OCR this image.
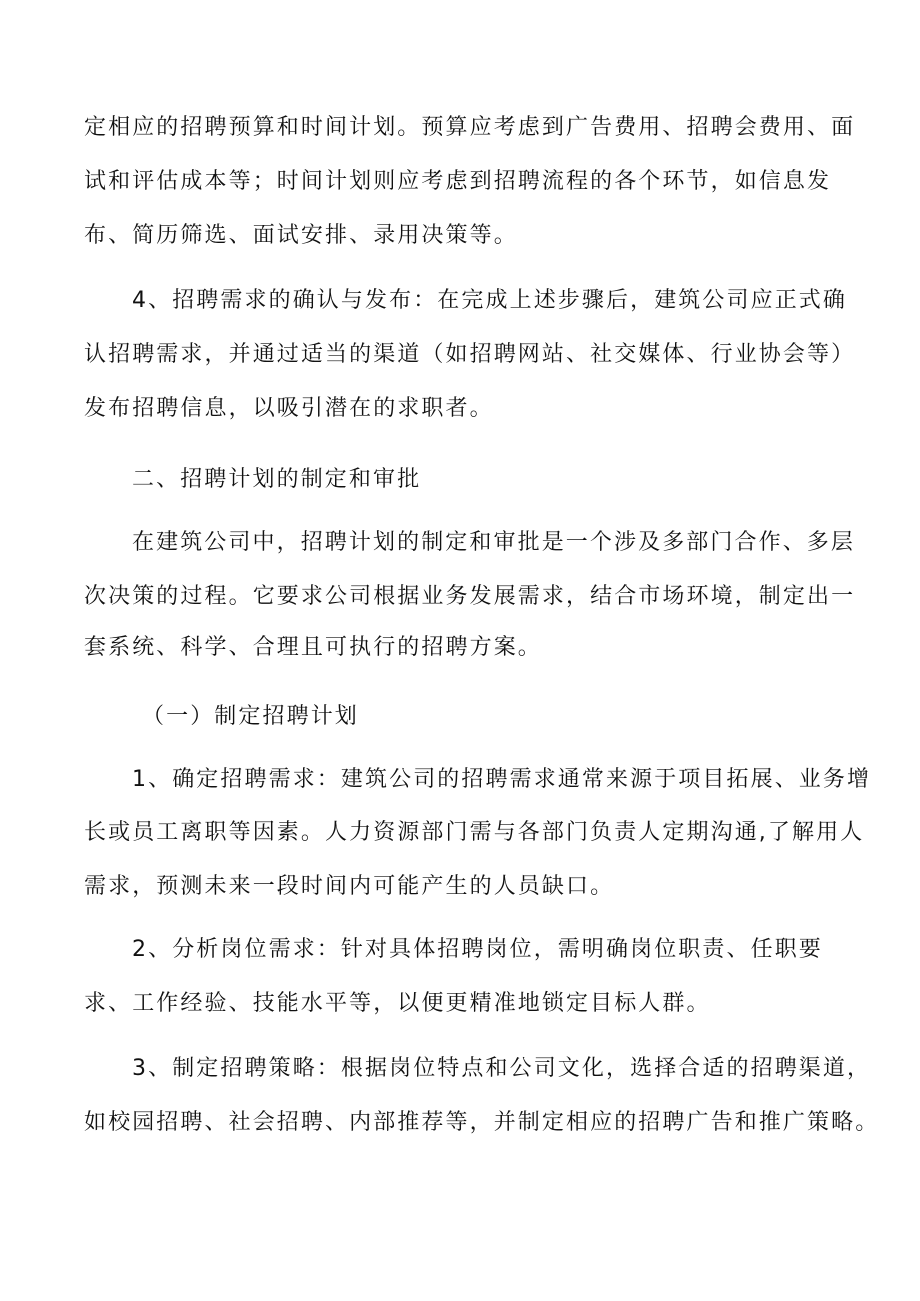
定相应的招聘预算和时间计划。预算应考虑到广告费用、招聘会费用、面
试和评估成本等；时间计划则应考虑到招聘流程的各个环节，如信息发
布、简历筛选、面试安排、录用决策等。
4、招聘需求的确认与发布：在完成上述步骤后，建筑公司应正式确
认招聘需求，并通过适当的渠道（如招聘网站、社交媒体、行业协会等）
发布招聘信息，以吸引潜在的求职者。
二、招聘计划的制定和审批
在建筑公司中，招聘计划的制定和审批是一个涉及多部门合作、多层
次决策的过程。它要求公司根据业务发展需求，结合市场环境，制定出一
套系统、科学、合理且可执行的招聘方案。
（一）制定招聘计划
1、确定招聘需求：建筑公司的招聘需求通常来源于项目拓展、业务增
长或员工离职等因素。人力资源部门需与各部门负责人定期沟通,了解用人
需求，预测未来一段时间内可能产生的人员缺口。
2、分析岗位需求：针对具体招聘岗位，需明确岗位职责、任职要
求、工作经验、技能水平等，以便更精准地锁定目标人群。
3、制定招聘策略：根据岗位特点和公司文化，选择合适的招聘渠道，
如校园招聘、社会招聘、内部推荐等，并制定相应的招聘广告和推广策略。
